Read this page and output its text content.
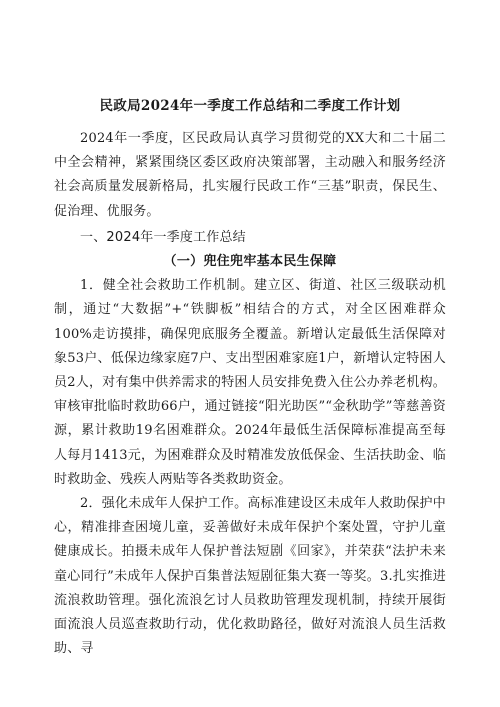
民政局2024年一季度工作总结和二季度工作计划

2024年一季度，区民政局认真学习贯彻党的XX大和二十届二中全会精神，紧紧围绕区委区政府决策部署，主动融入和服务经济社会高质量发展新格局，扎实履行民政工作“三基”职责，保民生、促治理、优服务。

一、2024年一季度工作总结

（一）兜住兜牢基本民生保障

1．健全社会救助工作机制。建立区、街道、社区三级联动机制，通过“大数据”+“铁脚板”相结合的方式，对全区困难群众100%走访摸排，确保兜底服务全覆盖。新增认定最低生活保障对象53户、低保边缘家庭7户、支出型困难家庭1户，新增认定特困人员2人，对有集中供养需求的特困人员安排免费入住公办养老机构。审核审批临时救助66户，通过链接“阳光助医”“金秋助学”等慈善资源，累计救助19名困难群众。2024年最低生活保障标准提高至每人每月1413元，为困难群众及时精准发放低保金、生活扶助金、临时救助金、残疾人两贴等各类救助资金。

2．强化未成年人保护工作。高标准建设区未成年人救助保护中心，精准排查困境儿童，妥善做好未成年保护个案处置，守护儿童健康成长。拍摄未成年人保护普法短剧《回家》，并荣获“法护未来童心同行”未成年人保护百集普法短剧征集大赛一等奖。3.扎实推进流浪救助管理。强化流浪乞讨人员救助管理发现机制，持续开展街面流浪人员巡查救助行动，优化救助路径，做好对流浪人员生活救助、寻
